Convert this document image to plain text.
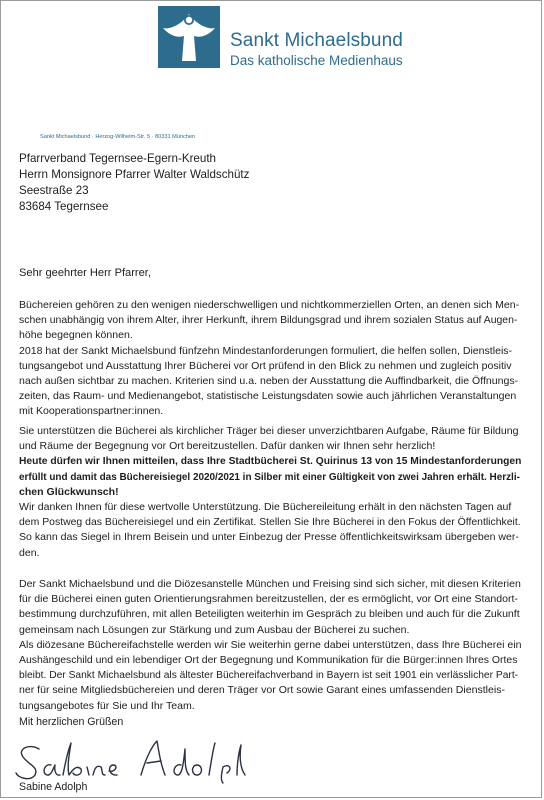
Sankt Michaelsbund
Das katholische Medienhaus
Sankt Michaelsbund · Herzog-Wilhelm-Str. 5 · 80331 München
Pfarrverband Tegernsee-Egern-Kreuth
Herrn Monsignore Pfarrer Walter Waldschütz
Seestraße 23
83684 Tegernsee
Sehr geehrter Herr Pfarrer,
Büchereien gehören zu den wenigen niederschwelligen und nichtkommerziellen Orten, an denen sich Men-
schen unabhängig von ihrem Alter, ihrer Herkunft, ihrem Bildungsgrad und ihrem sozialen Status auf Augen-
höhe begegnen können.
2018 hat der Sankt Michaelsbund fünfzehn Mindestanforderungen formuliert, die helfen sollen, Dienstleis-
tungsangebot und Ausstattung Ihrer Bücherei vor Ort prüfend in den Blick zu nehmen und zugleich positiv
nach außen sichtbar zu machen. Kriterien sind u.a. neben der Ausstattung die Auffindbarkeit, die Öffnungs-
zeiten, das Raum- und Medienangebot, statistische Leistungsdaten sowie auch jährlichen Veranstaltungen
mit Kooperationspartner:innen.
Sie unterstützen die Bücherei als kirchlicher Träger bei dieser unverzichtbaren Aufgabe, Räume für Bildung
und Räume der Begegnung vor Ort bereitzustellen. Dafür danken wir Ihnen sehr herzlich!
Heute dürfen wir Ihnen mitteilen, dass Ihre Stadtbücherei St. Quirinus 13 von 15 Mindestanforderungen
erfüllt und damit das Büchereisiegel 2020/2021 in Silber mit einer Gültigkeit von zwei Jahren erhält. Herzli-
chen Glückwunsch!
Wir danken Ihnen für diese wertvolle Unterstützung. Die Büchereileitung erhält in den nächsten Tagen auf
dem Postweg das Büchereisiegel und ein Zertifikat. Stellen Sie Ihre Bücherei in den Fokus der Öffentlichkeit.
So kann das Siegel in Ihrem Beisein und unter Einbezug der Presse öffentlichkeitswirksam übergeben wer-
den.
Der Sankt Michaelsbund und die Diözesanstelle München und Freising sind sich sicher, mit diesen Kriterien
für die Bücherei einen guten Orientierungsrahmen bereitzustellen, der es ermöglicht, vor Ort eine Standort-
bestimmung durchzuführen, mit allen Beteiligten weiterhin im Gespräch zu bleiben und auch für die Zukunft
gemeinsam nach Lösungen zur Stärkung und zum Ausbau der Bücherei zu suchen.
Als diözesane Büchereifachstelle werden wir Sie weiterhin gerne dabei unterstützen, dass Ihre Bücherei ein
Aushängeschild und ein lebendiger Ort der Begegnung und Kommunikation für die Bürger:innen Ihres Ortes
bleibt. Der Sankt Michaelsbund als ältester Büchereifachverband in Bayern ist seit 1901 ein verlässlicher Part-
ner für seine Mitgliedsbüchereien und deren Träger vor Ort sowie Garant eines umfassenden Dienstleis-
tungsangebotes für Sie und Ihr Team.
Mit herzlichen Grüßen
Sabine Adolph
